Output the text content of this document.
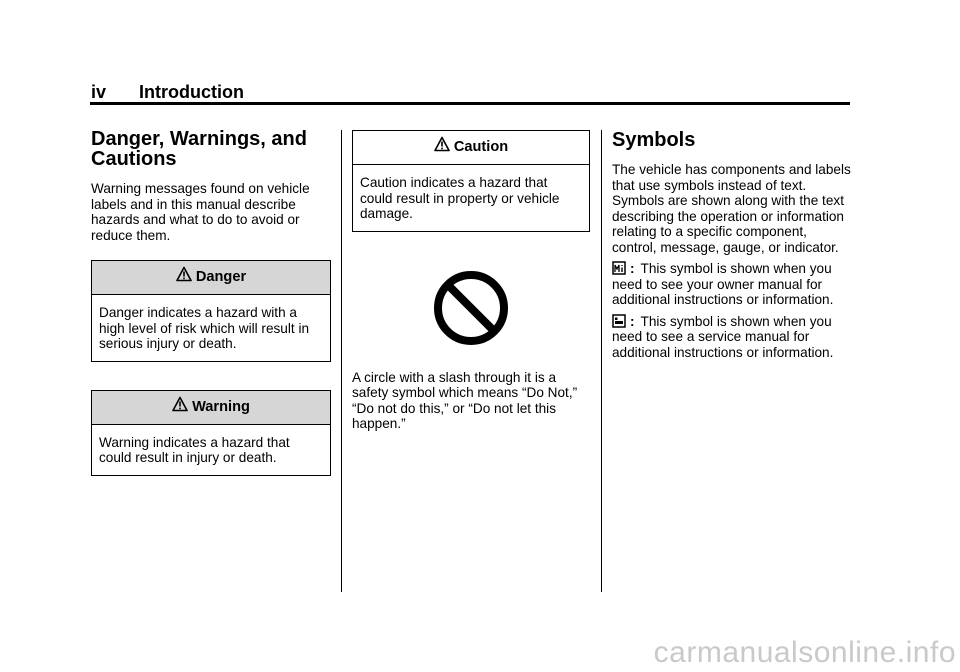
iv Introduction
Danger, Warnings, and
Cautions

Warning messages found on vehicle labels and in this manual describe hazards and what to do to avoid or reduce them.

Danger
Danger indicates a hazard with a high level of risk which will result in serious injury or death.
Warning
Warning indicates a hazard that could result in injury or death.
Caution
Caution indicates a hazard that could result in property or vehicle damage.

A circle with a slash through it is a safety symbol which means “Do Not,” “Do not do this,” or “Do not let this happen.”

Symbols

The vehicle has components and labels that use symbols instead of text. Symbols are shown along with the text describing the operation or information relating to a specific component, control, message, gauge, or indicator.

: This symbol is shown when you need to see your owner manual for additional instructions or information.

: This symbol is shown when you need to see a service manual for additional instructions or information.

carmanualsonline.info
